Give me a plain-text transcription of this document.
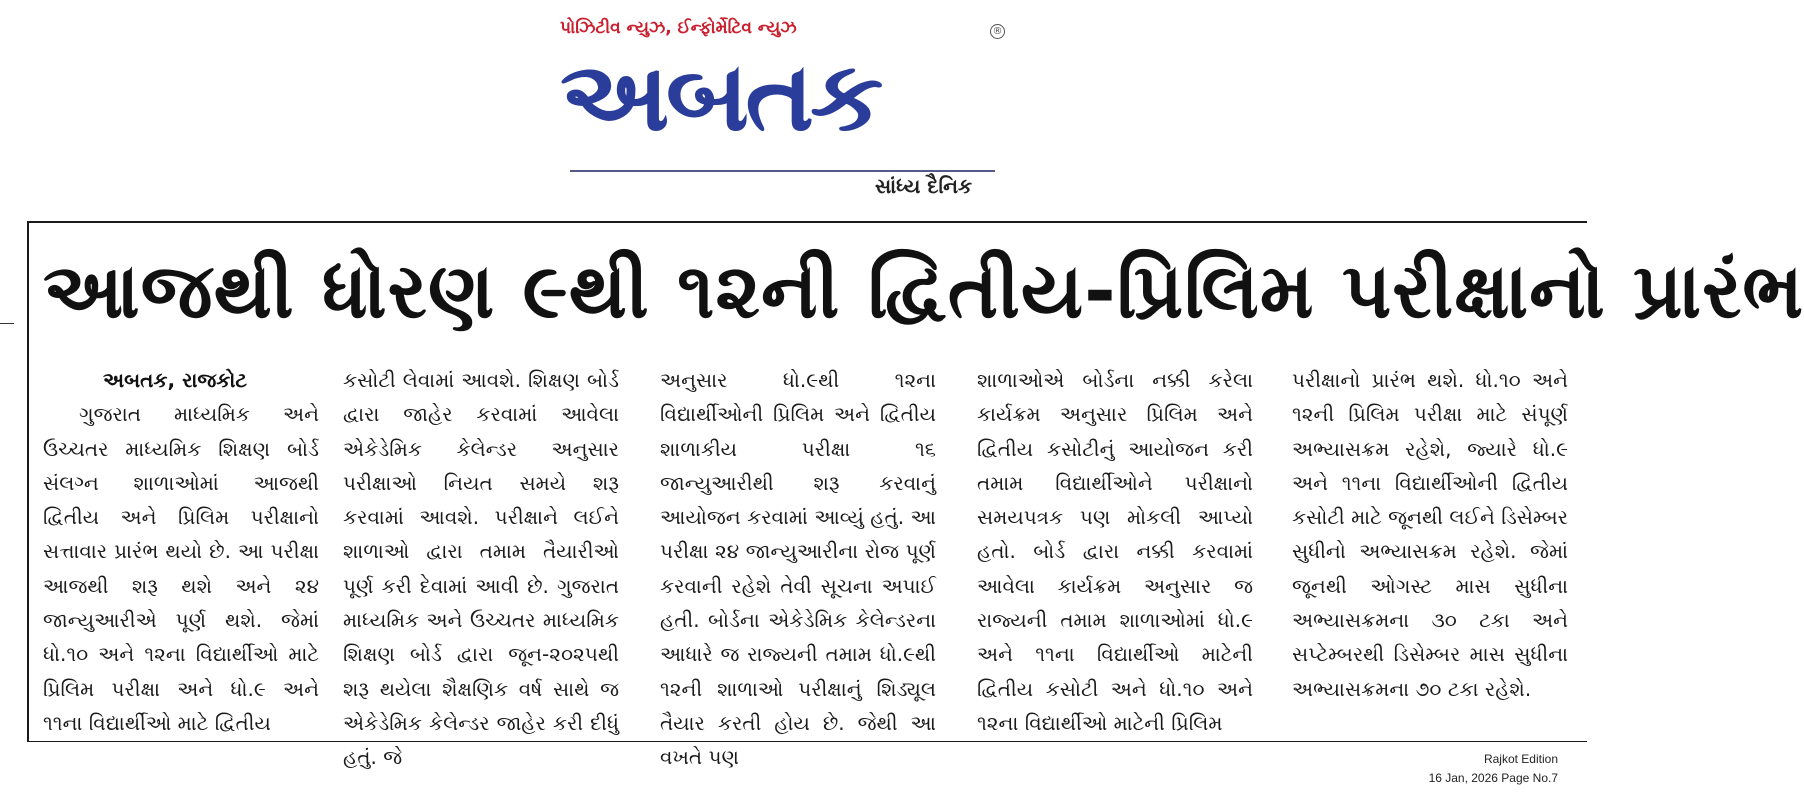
પોઝિટીવ ન્યુઝ, ઈન્ફોર્મેટિવ ન્યુઝ	®
અબતક
સાંધ્ય દૈનિક
આજથી ધોરણ ૯થી ૧૨ની દ્વિતીય-પ્રિલિમ પરીક્ષાનો પ્રારંભ
અબતક, રાજકોટ

ગુજરાત માધ્યમિક અને ઉચ્ચતર માધ્યમિક શિક્ષણ બોર્ડ સંલગ્ન શાળાઓમાં આજથી દ્વિતીય અને પ્રિલિમ પરીક્ષાનો સત્તાવાર પ્રારંભ થયો છે. આ પરીક્ષા આજથી શરૂ થશે અને ૨૪ જાન્યુઆરીએ પૂર્ણ થશે. જેમાં ધો.૧૦ અને ૧૨ના વિદ્યાર્થીઓ માટે પ્રિલિમ પરીક્ષા અને ધો.૯ અને ૧૧ના વિદ્યાર્થીઓ માટે દ્વિતીય

કસોટી લેવામાં આવશે. શિક્ષણ બોર્ડ દ્વારા જાહેર કરવામાં આવેલા એકેડેમિક કેલેન્ડર અનુસાર પરીક્ષાઓ નિયત સમયે શરૂ કરવામાં આવશે. પરીક્ષાને લઈને શાળાઓ દ્વારા તમામ તૈયારીઓ પૂર્ણ કરી દેવામાં આવી છે. ગુજરાત માધ્યમિક અને ઉચ્ચતર માધ્યમિક શિક્ષણ બોર્ડ દ્વારા જૂન-૨૦૨૫થી શરૂ થયેલા શૈક્ષણિક વર્ષ સાથે જ એકેડેમિક કેલેન્ડર જાહેર કરી દીધું હતું. જે

અનુસાર ધો.૯થી ૧૨ના વિદ્યાર્થીઓની પ્રિલિમ અને દ્વિતીય શાળાકીય પરીક્ષા ૧૬ જાન્યુઆરીથી શરૂ કરવાનું આયોજન કરવામાં આવ્યું હતું. આ પરીક્ષા ૨૪ જાન્યુઆરીના રોજ પૂર્ણ કરવાની રહેશે તેવી સૂચના અપાઈ હતી. બોર્ડના એકેડેમિક કેલેન્ડરના આધારે જ રાજ્યની તમામ ધો.૯થી ૧૨ની શાળાઓ પરીક્ષાનું શિડ્યૂલ તૈયાર કરતી હોય છે. જેથી આ વખતે પણ

શાળાઓએ બોર્ડના નક્કી કરેલા કાર્યક્રમ અનુસાર પ્રિલિમ અને દ્વિતીય કસોટીનું આયોજન કરી તમામ વિદ્યાર્થીઓને પરીક્ષાનો સમયપત્રક પણ મોકલી આપ્યો હતો. બોર્ડ દ્વારા નક્કી કરવામાં આવેલા કાર્યક્રમ અનુસાર જ રાજ્યની તમામ શાળાઓમાં ધો.૯ અને ૧૧ના વિદ્યાર્થીઓ માટેની દ્વિતીય કસોટી અને ધો.૧૦ અને ૧૨ના વિદ્યાર્થીઓ માટેની પ્રિલિમ

પરીક્ષાનો પ્રારંભ થશે. ધો.૧૦ અને ૧૨ની પ્રિલિમ પરીક્ષા માટે સંપૂર્ણ અભ્યાસક્રમ રહેશે, જ્યારે ધો.૯ અને ૧૧ના વિદ્યાર્થીઓની દ્વિતીય કસોટી માટે જૂનથી લઈને ડિસેમ્બર સુધીનો અભ્યાસક્રમ રહેશે. જેમાં જૂનથી ઓગસ્ટ માસ સુધીના અભ્યાસક્રમના ૩૦ ટકા અને સપ્ટેમ્બરથી ડિસેમ્બર માસ સુધીના અભ્યાસક્રમના ૭૦ ટકા રહેશે.

Rajkot Edition
16 Jan, 2026 Page No.7
